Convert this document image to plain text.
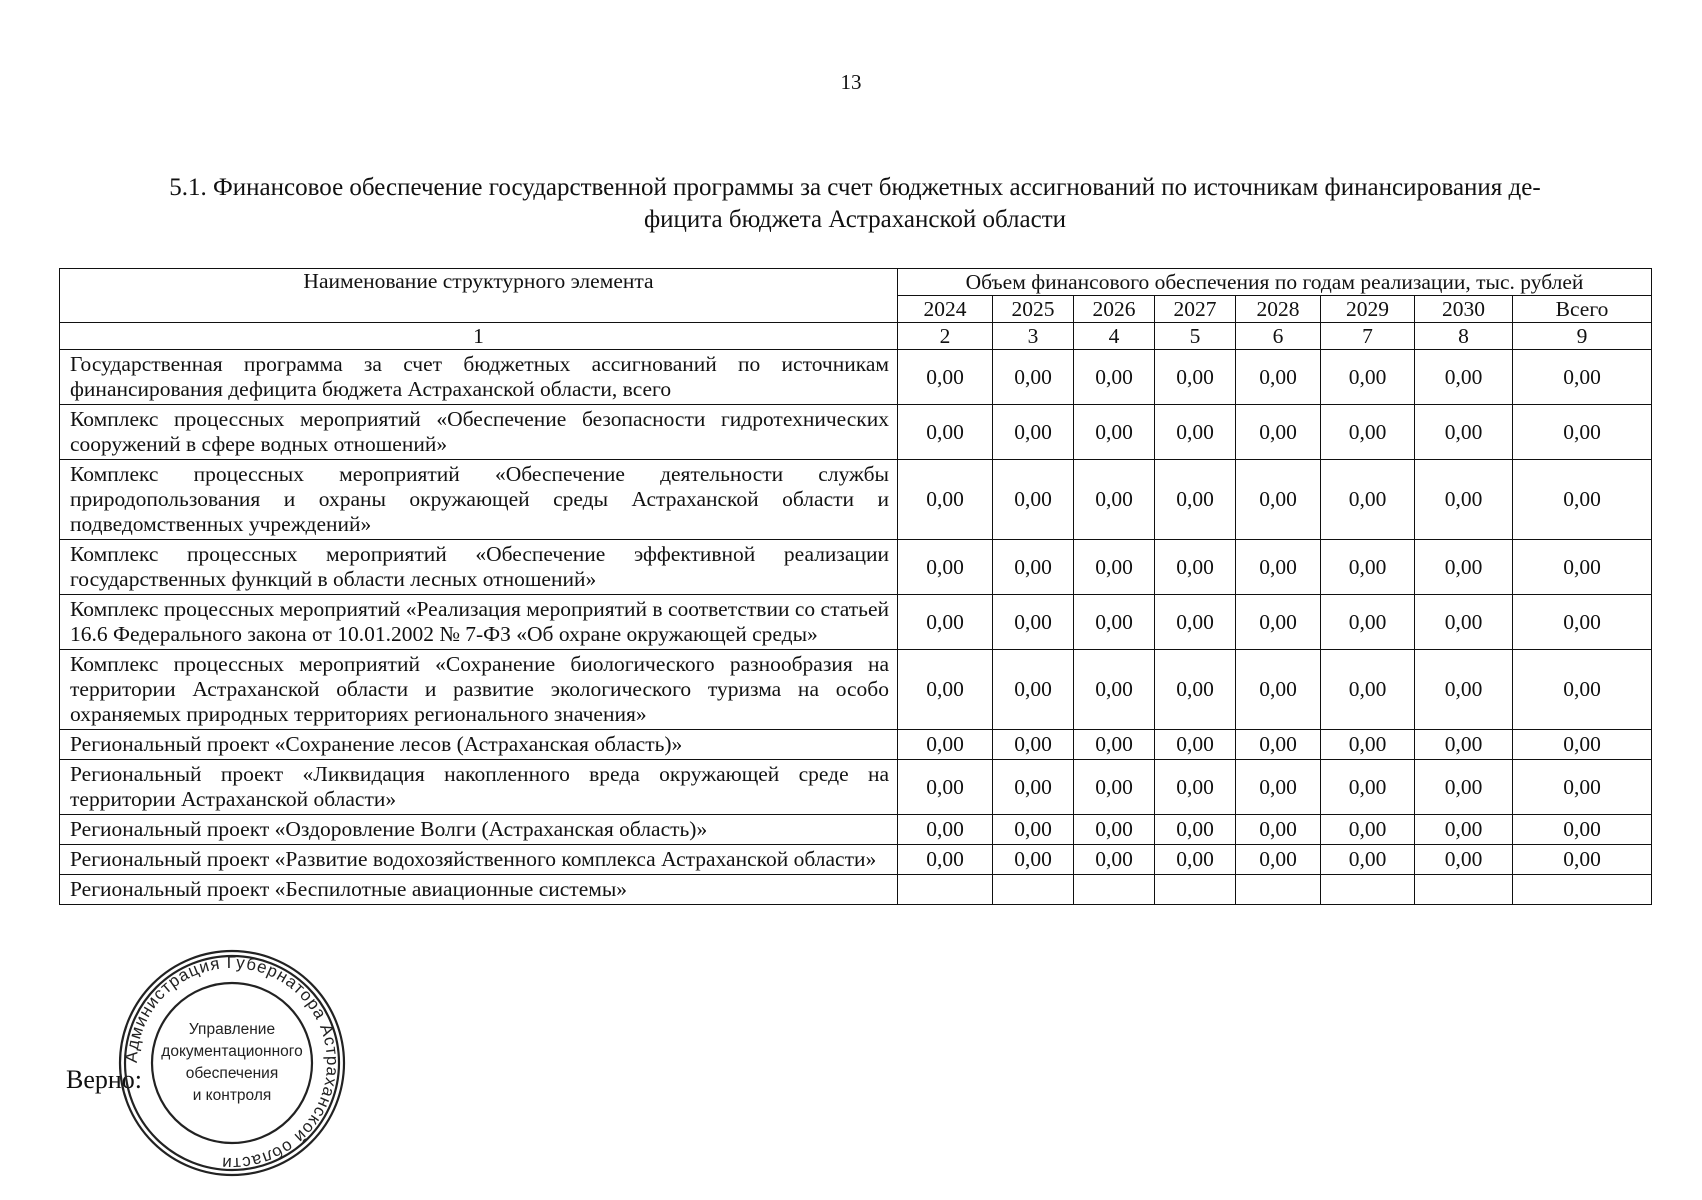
13
5.1. Финансовое обеспечение государственной программы за счет бюджетных ассигнований по источникам финансирования де-
фицита бюджета Астраханской области
Наименование структурного элемента	Объем финансового обеспечения по годам реализации, тыс. рублей							
	2024	2025	2026	2027	2028	2029	2030	Всего
1	2	3	4	5	6	7	8	9
Государственная программа за счет бюджетных ассигнований по источникам финансирования дефицита бюджета Астраханской области, всего	0,00	0,00	0,00	0,00	0,00	0,00	0,00	0,00
Комплекс процессных мероприятий «Обеспечение безопасности гидротехнических сооружений в сфере водных отношений»	0,00	0,00	0,00	0,00	0,00	0,00	0,00	0,00
Комплекс процессных мероприятий «Обеспечение деятельности службы природопользования и охраны окружающей среды Астраханской области и подведомственных учреждений»	0,00	0,00	0,00	0,00	0,00	0,00	0,00	0,00
Комплекс процессных мероприятий «Обеспечение эффективной реализации государственных функций в области лесных отношений»	0,00	0,00	0,00	0,00	0,00	0,00	0,00	0,00
Комплекс процессных мероприятий «Реализация мероприятий в соответствии со статьей 16.6 Федерального закона от 10.01.2002 № 7-ФЗ «Об охране окружающей среды»	0,00	0,00	0,00	0,00	0,00	0,00	0,00	0,00
Комплекс процессных мероприятий «Сохранение биологического разнообразия на территории Астраханской области и развитие экологического туризма на особо охраняемых природных территориях регионального значения»	0,00	0,00	0,00	0,00	0,00	0,00	0,00	0,00
Региональный проект «Сохранение лесов (Астраханская область)»	0,00	0,00	0,00	0,00	0,00	0,00	0,00	0,00
Региональный проект «Ликвидация накопленного вреда окружающей среде на территории Астраханской области»	0,00	0,00	0,00	0,00	0,00	0,00	0,00	0,00
Региональный проект «Оздоровление Волги (Астраханская область)»	0,00	0,00	0,00	0,00	0,00	0,00	0,00	0,00
Региональный проект «Развитие водохозяйственного комплекса Астраханской области»	0,00	0,00	0,00	0,00	0,00	0,00	0,00	0,00
Региональный проект «Беспилотные авиационные системы»								
Верно:
Администрация Губернатора Астраханской области
Управление
документационного
обеспечения
и контроля
